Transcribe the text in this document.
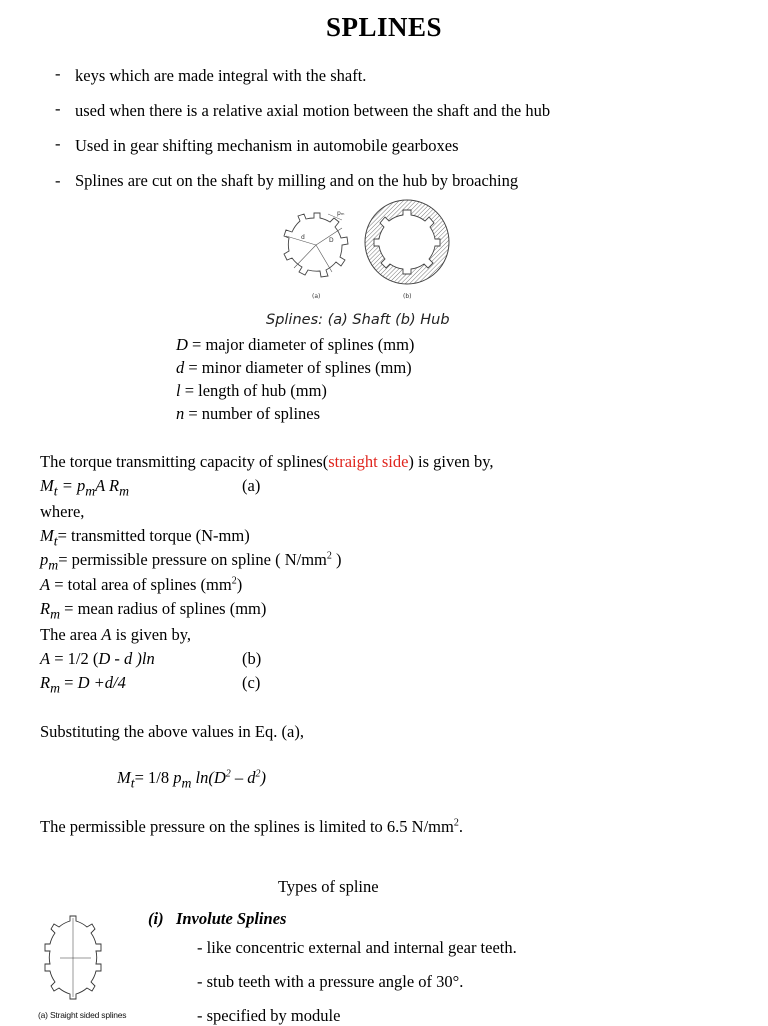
SPLINES
- keys which are made integral with the shaft.
- used when there is a relative axial motion between the shaft and the hub
- Used in gear shifting mechanism in automobile gearboxes
- Splines are cut on the shaft by milling and on the hub by broaching
pₘ
D
d
(a)	(b)
Splines: (a) Shaft (b) Hub
D = major diameter of splines (mm)
d = minor diameter of splines (mm)
l = length of hub (mm)
n = number of splines
The torque transmitting capacity of splines(straight side) is given by,
$M_t = p_mA$ $R_m$	(a)
where,
$M_t=$ transmitted torque (N-mm)
$p_m=$ permissible pressure on spline ( $N/mm^2$ )
A = total area of splines $(mm^2)$
$R_m$ = mean radius of splines (mm)
The area A is given by,
A = 1/2 (D - d )ln	(b)
$R_m = D +d/4$	(c)
Substituting the above values in Eq. (a),
$M_t= 1/8$ $p_m$ $\ln(D^2 - d^2)$
The permissible pressure on the splines is limited to 6.5 $N/mm^2$.
Types of spline
(i) Involute Splines
- like concentric external and internal gear teeth.
- stub teeth with a pressure angle of 30°.
- specified by module
(a) Straight sided splines
